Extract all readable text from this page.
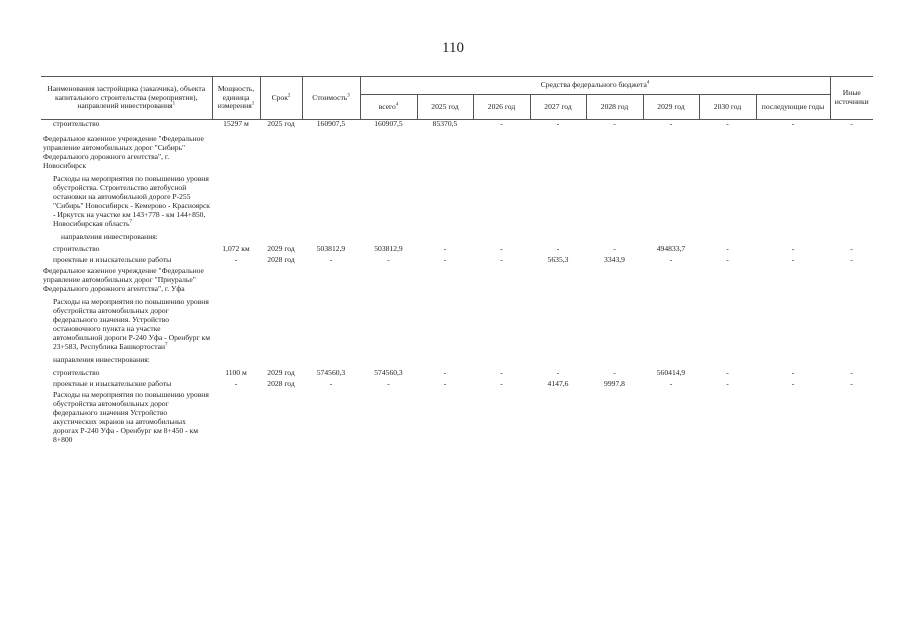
110
Наименования застройщика (заказчика), объекта капитального строительства (мероприятия), направлений инвестирования$^1$	Мощность, единица измерения$^1$	Срок$^2$	Стоимость$^3$	Средства федерального бюджета$^4$								Иные источники
				всего$^4$	2025 год	2026 год	2027 год	2028 год	2029 год	2030 год	последующие годы	
строительство	15297 м	2025 год	160907,5	160907,5	85370,5	-	-	-	-	-	-	-

Федеральное казенное учреждение "Федеральное управление автомобильных дорог "Сибирь" Федерального дорожного агентства", г. Новосибирск												

Расходы на мероприятия по повышению уровня обустройства. Строительство автобусной остановки на автомобильной дороге Р-255 "Сибирь" Новосибирск - Кемерово - Красноярск - Иркутск на участке км 143+778 - км 144+850, Новосибирская область$^7$	

направления инвестирования:												

строительство	1,072 км	2029 год	503812,9	503812,9	-	-	-	-	494833,7	-	-	-
проектные и изыскательские работы	-	2028 год	-	-	-	-	5635,3	3343,9	-	-	-	-
Федеральное казенное учреждение "Федеральное управление автомобильных дорог "Приуралье" Федерального дорожного агентства", г. Уфа												

Расходы на мероприятия по повышению уровня обустройства автомобильных дорог федерального значения. Устройство остановочного пункта на участке автомобильной дороги Р-240 Уфа - Оренбург км 23+583, Республика Башкортостан$^7$	

направления инвестирования:												

строительство	1100 м	2029 год	574560,3	574560,3	-	-	-	-	560414,9	-	-	-
проектные и изыскательские работы	-	2028 год	-	-	-	-	4147,6	9997,8	-	-	-	-
Расходы на мероприятия по повышению уровня обустройства автомобильных дорог федерального значения Устройство акустических экранов на автомобильных дорогах Р-240 Уфа - Оренбург км 8+450 - км 8+800												
